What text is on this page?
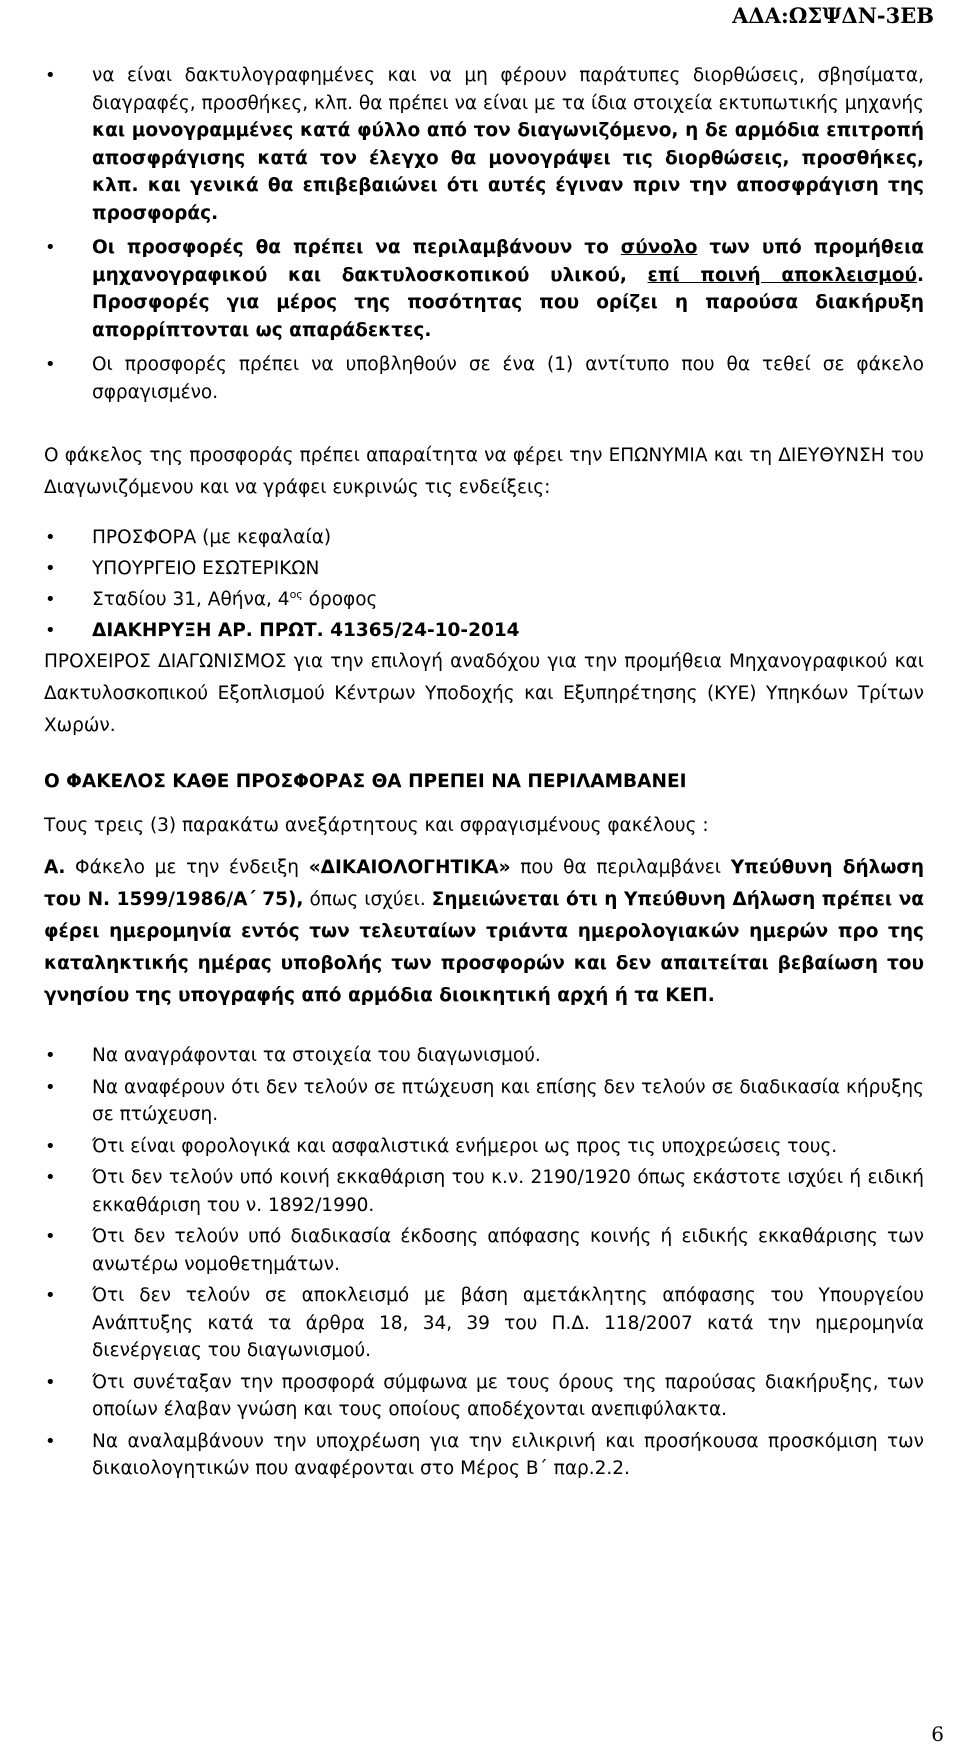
ΑΔΑ:ΩΣΨΔΝ-3ΕΒ

• να είναι δακτυλογραφημένες και να μη φέρουν παράτυπες διορθώσεις, σβησίματα, διαγραφές, προσθήκες, κλπ. θα πρέπει να είναι με τα ίδια στοιχεία εκτυπωτικής μηχανής και μονογραμμένες κατά φύλλο από τον διαγωνιζόμενο, η δε αρμόδια επιτροπή αποσφράγισης κατά τον έλεγχο θα μονογράψει τις διορθώσεις, προσθήκες, κλπ. και γενικά θα επιβεβαιώνει ότι αυτές έγιναν πριν την αποσφράγιση της προσφοράς.

• Οι προσφορές θα πρέπει να περιλαμβάνουν το σύνολο των υπό προμήθεια μηχανογραφικού και δακτυλοσκοπικού υλικού, επί ποινή αποκλεισμού. Προσφορές για μέρος της ποσότητας που ορίζει η παρούσα διακήρυξη απορρίπτονται ως απαράδεκτες.

• Οι προσφορές πρέπει να υποβληθούν σε ένα (1) αντίτυπο που θα τεθεί σε φάκελο σφραγισμένο.

Ο φάκελος της προσφοράς πρέπει απαραίτητα να φέρει την ΕΠΩΝΥΜΙΑ και τη ΔΙΕΥΘΥΝΣΗ του Διαγωνιζόμενου και να γράφει ευκρινώς τις ενδείξεις:

• ΠΡΟΣΦΟΡΑ (με κεφαλαία)

• ΥΠΟΥΡΓΕΙΟ ΕΣΩΤΕΡΙΚΩΝ

• Σταδίου 31, Αθήνα, $4^{o\varsigma}$ όροφος

• ΔΙΑΚΗΡΥΞΗ ΑΡ. ΠΡΩΤ. 41365/24-10-2014

ΠΡΟΧΕΙΡΟΣ ΔΙΑΓΩΝΙΣΜΟΣ για την επιλογή αναδόχου για την προμήθεια Μηχανογραφικού και Δακτυλοσκοπικού Εξοπλισμού Κέντρων Υποδοχής και Εξυπηρέτησης (ΚΥΕ) Υπηκόων Τρίτων Χωρών.

Ο ΦΑΚΕΛΟΣ ΚΑΘΕ ΠΡΟΣΦΟΡΑΣ ΘΑ ΠΡΕΠΕΙ ΝΑ ΠΕΡΙΛΑΜΒΑΝΕΙ

Τους τρεις (3) παρακάτω ανεξάρτητους και σφραγισμένους φακέλους :

Α. Φάκελο με την ένδειξη «ΔΙΚΑΙΟΛΟΓΗΤΙΚΑ» που θα περιλαμβάνει Υπεύθυνη δήλωση του Ν. 1599/1986/Α΄ 75), όπως ισχύει. Σημειώνεται ότι η Υπεύθυνη Δήλωση πρέπει να φέρει ημερομηνία εντός των τελευταίων τριάντα ημερολογιακών ημερών προ της καταληκτικής ημέρας υποβολής των προσφορών και δεν απαιτείται βεβαίωση του γνησίου της υπογραφής από αρμόδια διοικητική αρχή ή τα ΚΕΠ.

• Να αναγράφονται τα στοιχεία του διαγωνισμού.

• Να αναφέρουν ότι δεν τελούν σε πτώχευση και επίσης δεν τελούν σε διαδικασία κήρυξης σε πτώχευση.

• Ότι είναι φορολογικά και ασφαλιστικά ενήμεροι ως προς τις υποχρεώσεις τους.

• Ότι δεν τελούν υπό κοινή εκκαθάριση του κ.ν. 2190/1920 όπως εκάστοτε ισχύει ή ειδική εκκαθάριση του ν. 1892/1990.

• Ότι δεν τελούν υπό διαδικασία έκδοσης απόφασης κοινής ή ειδικής εκκαθάρισης των ανωτέρω νομοθετημάτων.

• Ότι δεν τελούν σε αποκλεισμό με βάση αμετάκλητης απόφασης του Υπουργείου Ανάπτυξης κατά τα άρθρα 18, 34, 39 του Π.Δ. 118/2007 κατά την ημερομηνία διενέργειας του διαγωνισμού.

• Ότι συνέταξαν την προσφορά σύμφωνα με τους όρους της παρούσας διακήρυξης, των οποίων έλαβαν γνώση και τους οποίους αποδέχονται ανεπιφύλακτα.

• Να αναλαμβάνουν την υποχρέωση για την ειλικρινή και προσήκουσα προσκόμιση των δικαιολογητικών που αναφέρονται στο Μέρος Β΄ παρ.2.2.

6
